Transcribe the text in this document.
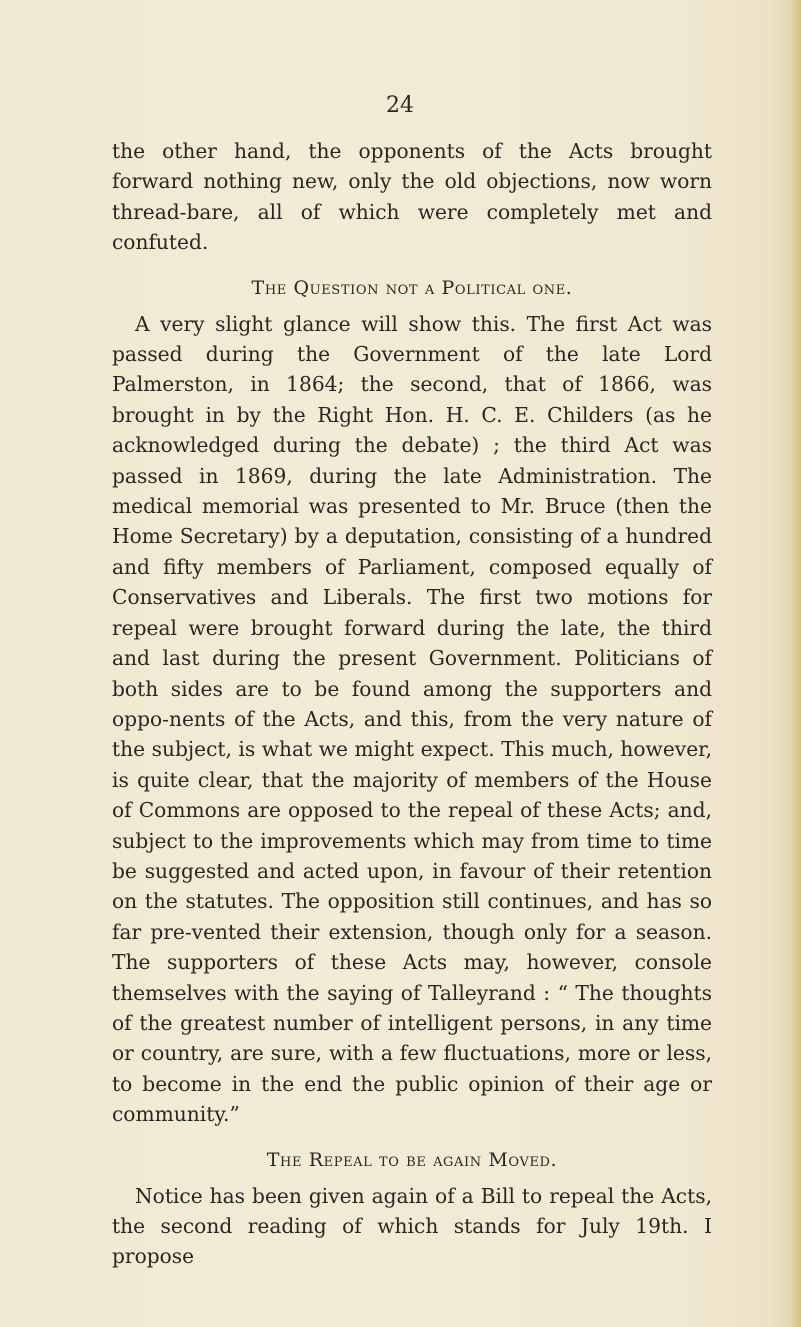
24

the other hand, the opponents of the Acts brought forward nothing new, only the old objections, now worn thread-bare, all of which were completely met and confuted.

The Question not a Political one.

A very slight glance will show this. The first Act was passed during the Government of the late Lord Palmerston, in 1864; the second, that of 1866, was brought in by the Right Hon. H. C. E. Childers (as he acknowledged during the debate) ; the third Act was passed in 1869, during the late Administration. The medical memorial was presented to Mr. Bruce (then the Home Secretary) by a deputation, consisting of a hundred and fifty members of Parliament, composed equally of Conservatives and Liberals. The first two motions for repeal were brought forward during the late, the third and last during the present Government. Politicians of both sides are to be found among the supporters and oppo-nents of the Acts, and this, from the very nature of the subject, is what we might expect. This much, however, is quite clear, that the majority of members of the House of Commons are opposed to the repeal of these Acts; and, subject to the improvements which may from time to time be suggested and acted upon, in favour of their retention on the statutes. The opposition still continues, and has so far pre-vented their extension, though only for a season. The supporters of these Acts may, however, console themselves with the saying of Talleyrand : “ The thoughts of the greatest number of intelligent persons, in any time or country, are sure, with a few fluctuations, more or less, to become in the end the public opinion of their age or community.”

The Repeal to be again Moved.

Notice has been given again of a Bill to repeal the Acts, the second reading of which stands for July 19th. I propose
